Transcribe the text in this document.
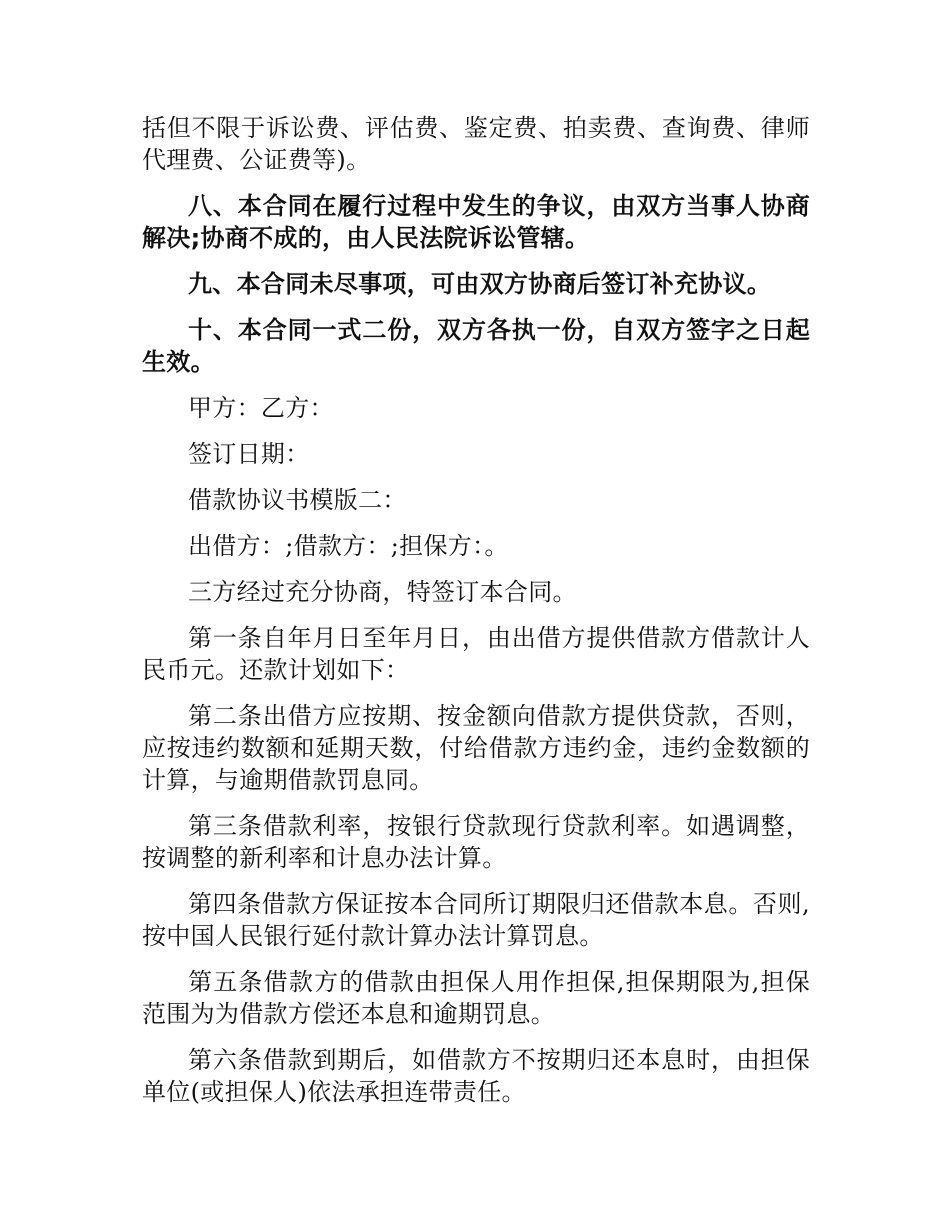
括但不限于诉讼费、评估费、鉴定费、拍卖费、查询费、律师代理费、公证费等)。

八、本合同在履行过程中发生的争议，由双方当事人协商解决;协商不成的，由人民法院诉讼管辖。

九、本合同未尽事项，可由双方协商后签订补充协议。

十、本合同一式二份，双方各执一份，自双方签字之日起生效。

甲方：乙方：

签订日期：

借款协议书模版二：

出借方：;借款方：;担保方：。

三方经过充分协商，特签订本合同。

第一条自年月日至年月日，由出借方提供借款方借款计人民币元。还款计划如下：

第二条出借方应按期、按金额向借款方提供贷款，否则，应按违约数额和延期天数，付给借款方违约金，违约金数额的计算，与逾期借款罚息同。

第三条借款利率，按银行贷款现行贷款利率。如遇调整，按调整的新利率和计息办法计算。

第四条借款方保证按本合同所订期限归还借款本息。否则,按中国人民银行延付款计算办法计算罚息。

第五条借款方的借款由担保人用作担保,担保期限为,担保范围为为借款方偿还本息和逾期罚息。

第六条借款到期后，如借款方不按期归还本息时，由担保单位(或担保人)依法承担连带责任。
